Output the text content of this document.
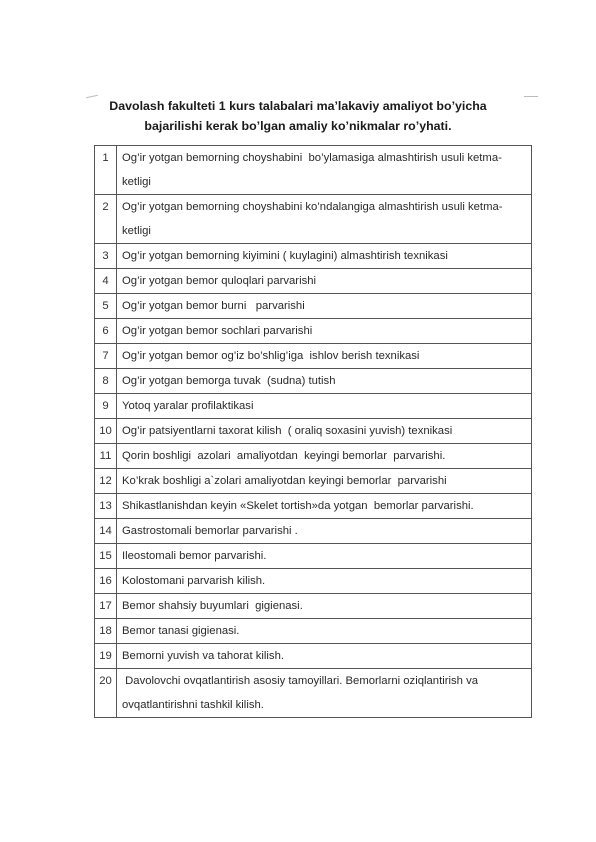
Davolash fakulteti 1 kurs talabalari ma’lakaviy amaliyot bo’yicha
bajarilishi kerak bo’lgan amaliy ko’nikmalar ro’yhati.
1	Og’ir yotgan bemorning choyshabini  bo’ylamasiga almashtirish usuli ketma- ketligi
2	Og’ir yotgan bemorning choyshabini ko’ndalangiga almashtirish usuli ketma- ketligi
3	Og’ir yotgan bemorning kiyimini ( kuylagini) almashtirish texnikasi
4	Og’ir yotgan bemor quloqlari parvarishi
5	Og’ir yotgan bemor burni   parvarishi
6	Og’ir yotgan bemor sochlari parvarishi
7	Og’ir yotgan bemor og’iz bo’shlig’iga  ishlov berish texnikasi
8	Og’ir yotgan bemorga tuvak  (sudna) tutish
9	Yotoq yaralar profilaktikasi
10	Og’ir patsiyentlarni taxorat kilish  ( oraliq soxasini yuvish) texnikasi
11	Qorin boshligi  azolari  amaliyotdan  keyingi bemorlar  parvarishi.
12	Ko’krak boshligi a`zolari amaliyotdan keyingi bemorlar  parvarishi
13	Shikastlanishdan keyin «Skelet tortish»da yotgan  bemorlar parvarishi.
14	Gastrostomali bemorlar parvarishi .
15	Ileostomali bemor parvarishi.
16	Kolostomani parvarish kilish.
17	Bemor shahsiy buyumlari  gigienasi.
18	Bemor tanasi gigienasi.
19	Bemorni yuvish va tahorat kilish.
20	Davolovchi ovqatlantirish asosiy tamoyillari. Bemorlarni oziqlantirish va ovqatlantirishni tashkil kilish.
